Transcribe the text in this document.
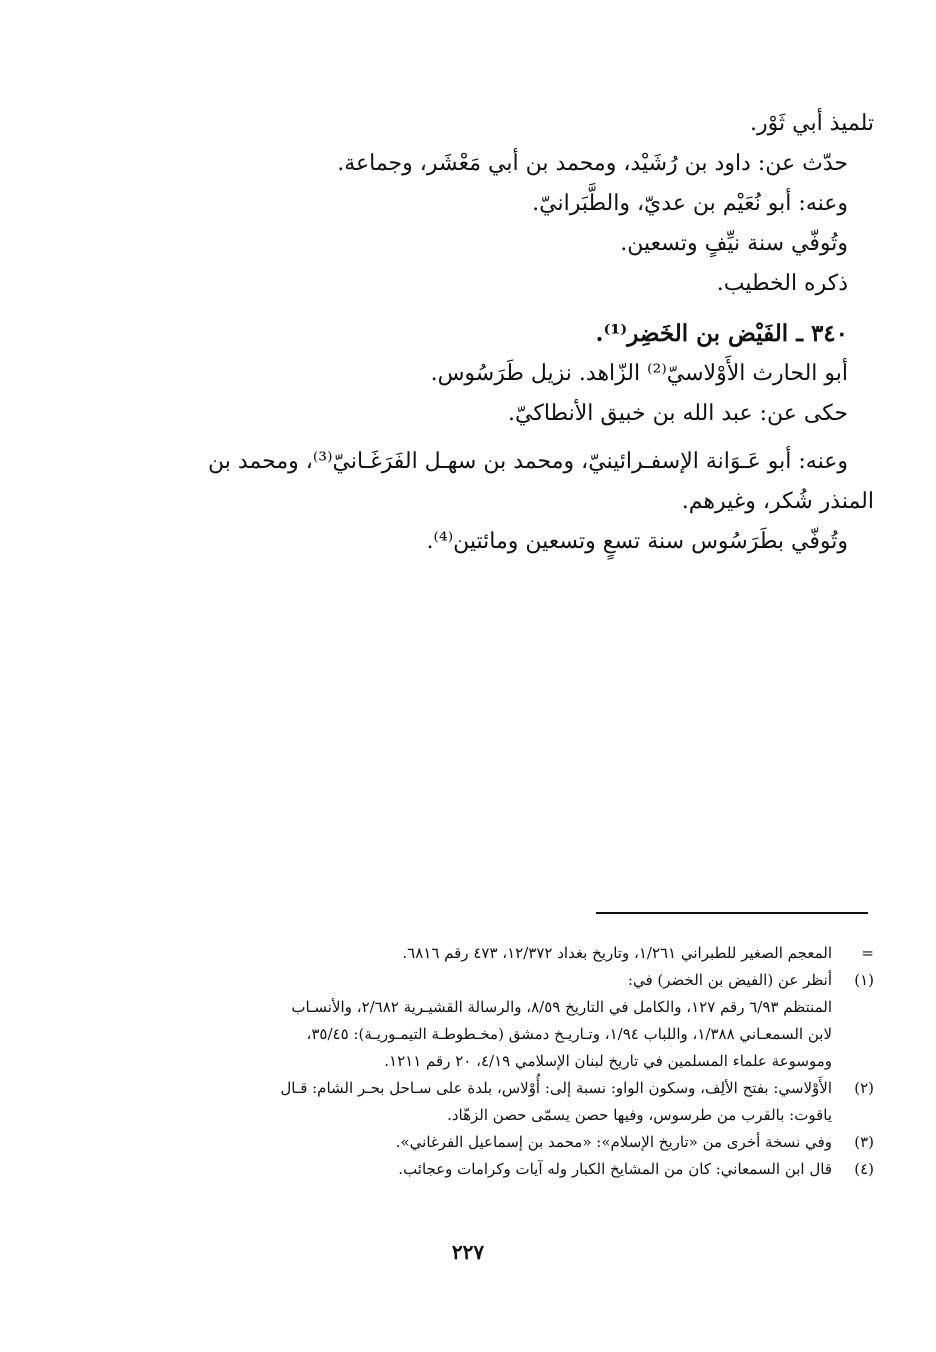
تلميذ أبي ثَوْر.

حدّث عن: داود بن رُشَيْد، ومحمد بن أبي مَعْشَر، وجماعة.

وعنه: أبو نُعَيْم بن عديّ، والطَّبَرانيّ.

وتُوفّي سنة نيِّفٍ وتسعين.

ذكره الخطيب.

٣٤٠ ـ الفَيْض بن الخَضِر⁽¹⁾.

أبو الحارث الأَوْلاسيّ⁽²⁾ الزّاهد. نزيل طَرَسُوس.

حكى عن: عبد الله بن خبيق الأنطاكيّ.

وعنه: أبو عَـوَانة الإسفـرائينيّ، ومحمد بن سهـل الفَرَغَـانيّ⁽³⁾، ومحمد بن

المنذر شُكر، وغيرهم.

وتُوفّي بطَرَسُوس سنة تسعٍ وتسعين ومائتين⁽⁴⁾.

=
المعجم الصغير للطبراني ١/٢٦١، وتاريخ بغداد ١٢/٣٧٢، ٤٧٣ رقم ٦٨١٦.
(١)
أنظر عن (الفيض بن الخضر) في:
المنتظم ٦/٩٣ رقم ١٢٧، والكامل في التاريخ ٨/٥٩، والرسالة القشيـرية ٢/٦٨٢، والأنسـاب
لابن السمعـاني ١/٣٨٨، واللباب ١/٩٤، وتـاريـخ دمشق (مخـطوطـة التيمـوريـة): ٣٥/٤٥،
وموسوعة علماء المسلمين في تاريخ لبنان الإسلامي ٤/١٩، ٢٠ رقم ١٢١١.
(٢)
الأَوْلاسي: بفتح الألِف، وسكون الواو: نسبة إلى: أُوْلاس، بلدة على سـاحل بحـر الشام: قـال
ياقوت: بالقرب من طرسوس، وفيها حصن يسمّى حصن الزهّاد.
(٣)
وفي نسخة أخرى من «تاريخ الإسلام»: «محمد بن إسماعيل الفرغاني».
(٤)
قال ابن السمعاني: كان من المشايخ الكبار وله آيات وكرامات وعجائب.
٢٢٧
